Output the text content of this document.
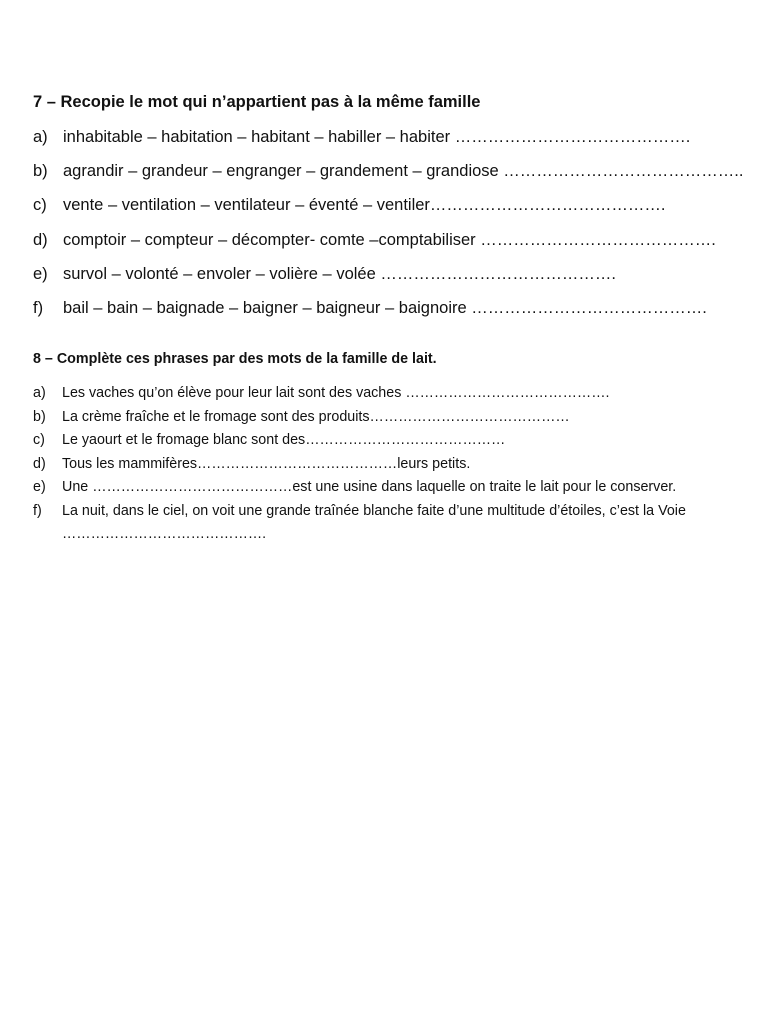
7 – Recopie le mot qui n’appartient pas à la même famille
a) inhabitable – habitation – habitant – habiller – habiter …………………………………….
b) agrandir – grandeur – engranger – grandement – grandiose ……………………………………..
c) vente – ventilation – ventilateur – éventé – ventiler…………………………………….
d) comptoir – compteur – décompter- comte –comptabiliser …………………………………….
e) survol – volonté – envoler – volière – volée …………………………………….
f)	bail – bain – baignade – baigner – baigneur – baignoire …………………………………….
8 – Complète ces phrases par des mots de la famille de lait.
a)	Les vaches qu’on élève pour leur lait sont des vaches …………………………………….
b)	La crème fraîche et le fromage sont des produits……………………………………
c)	Le yaourt et le fromage blanc sont des……………………………………
d)	Tous les mammifères……………………………………leurs petits.
e)	Une ……………………………………est une usine dans laquelle on traite le lait pour le conserver.
f)	La nuit, dans le ciel, on voit une grande traînée blanche faite d’une multitude d’étoiles, c’est la Voie …………………………………….
